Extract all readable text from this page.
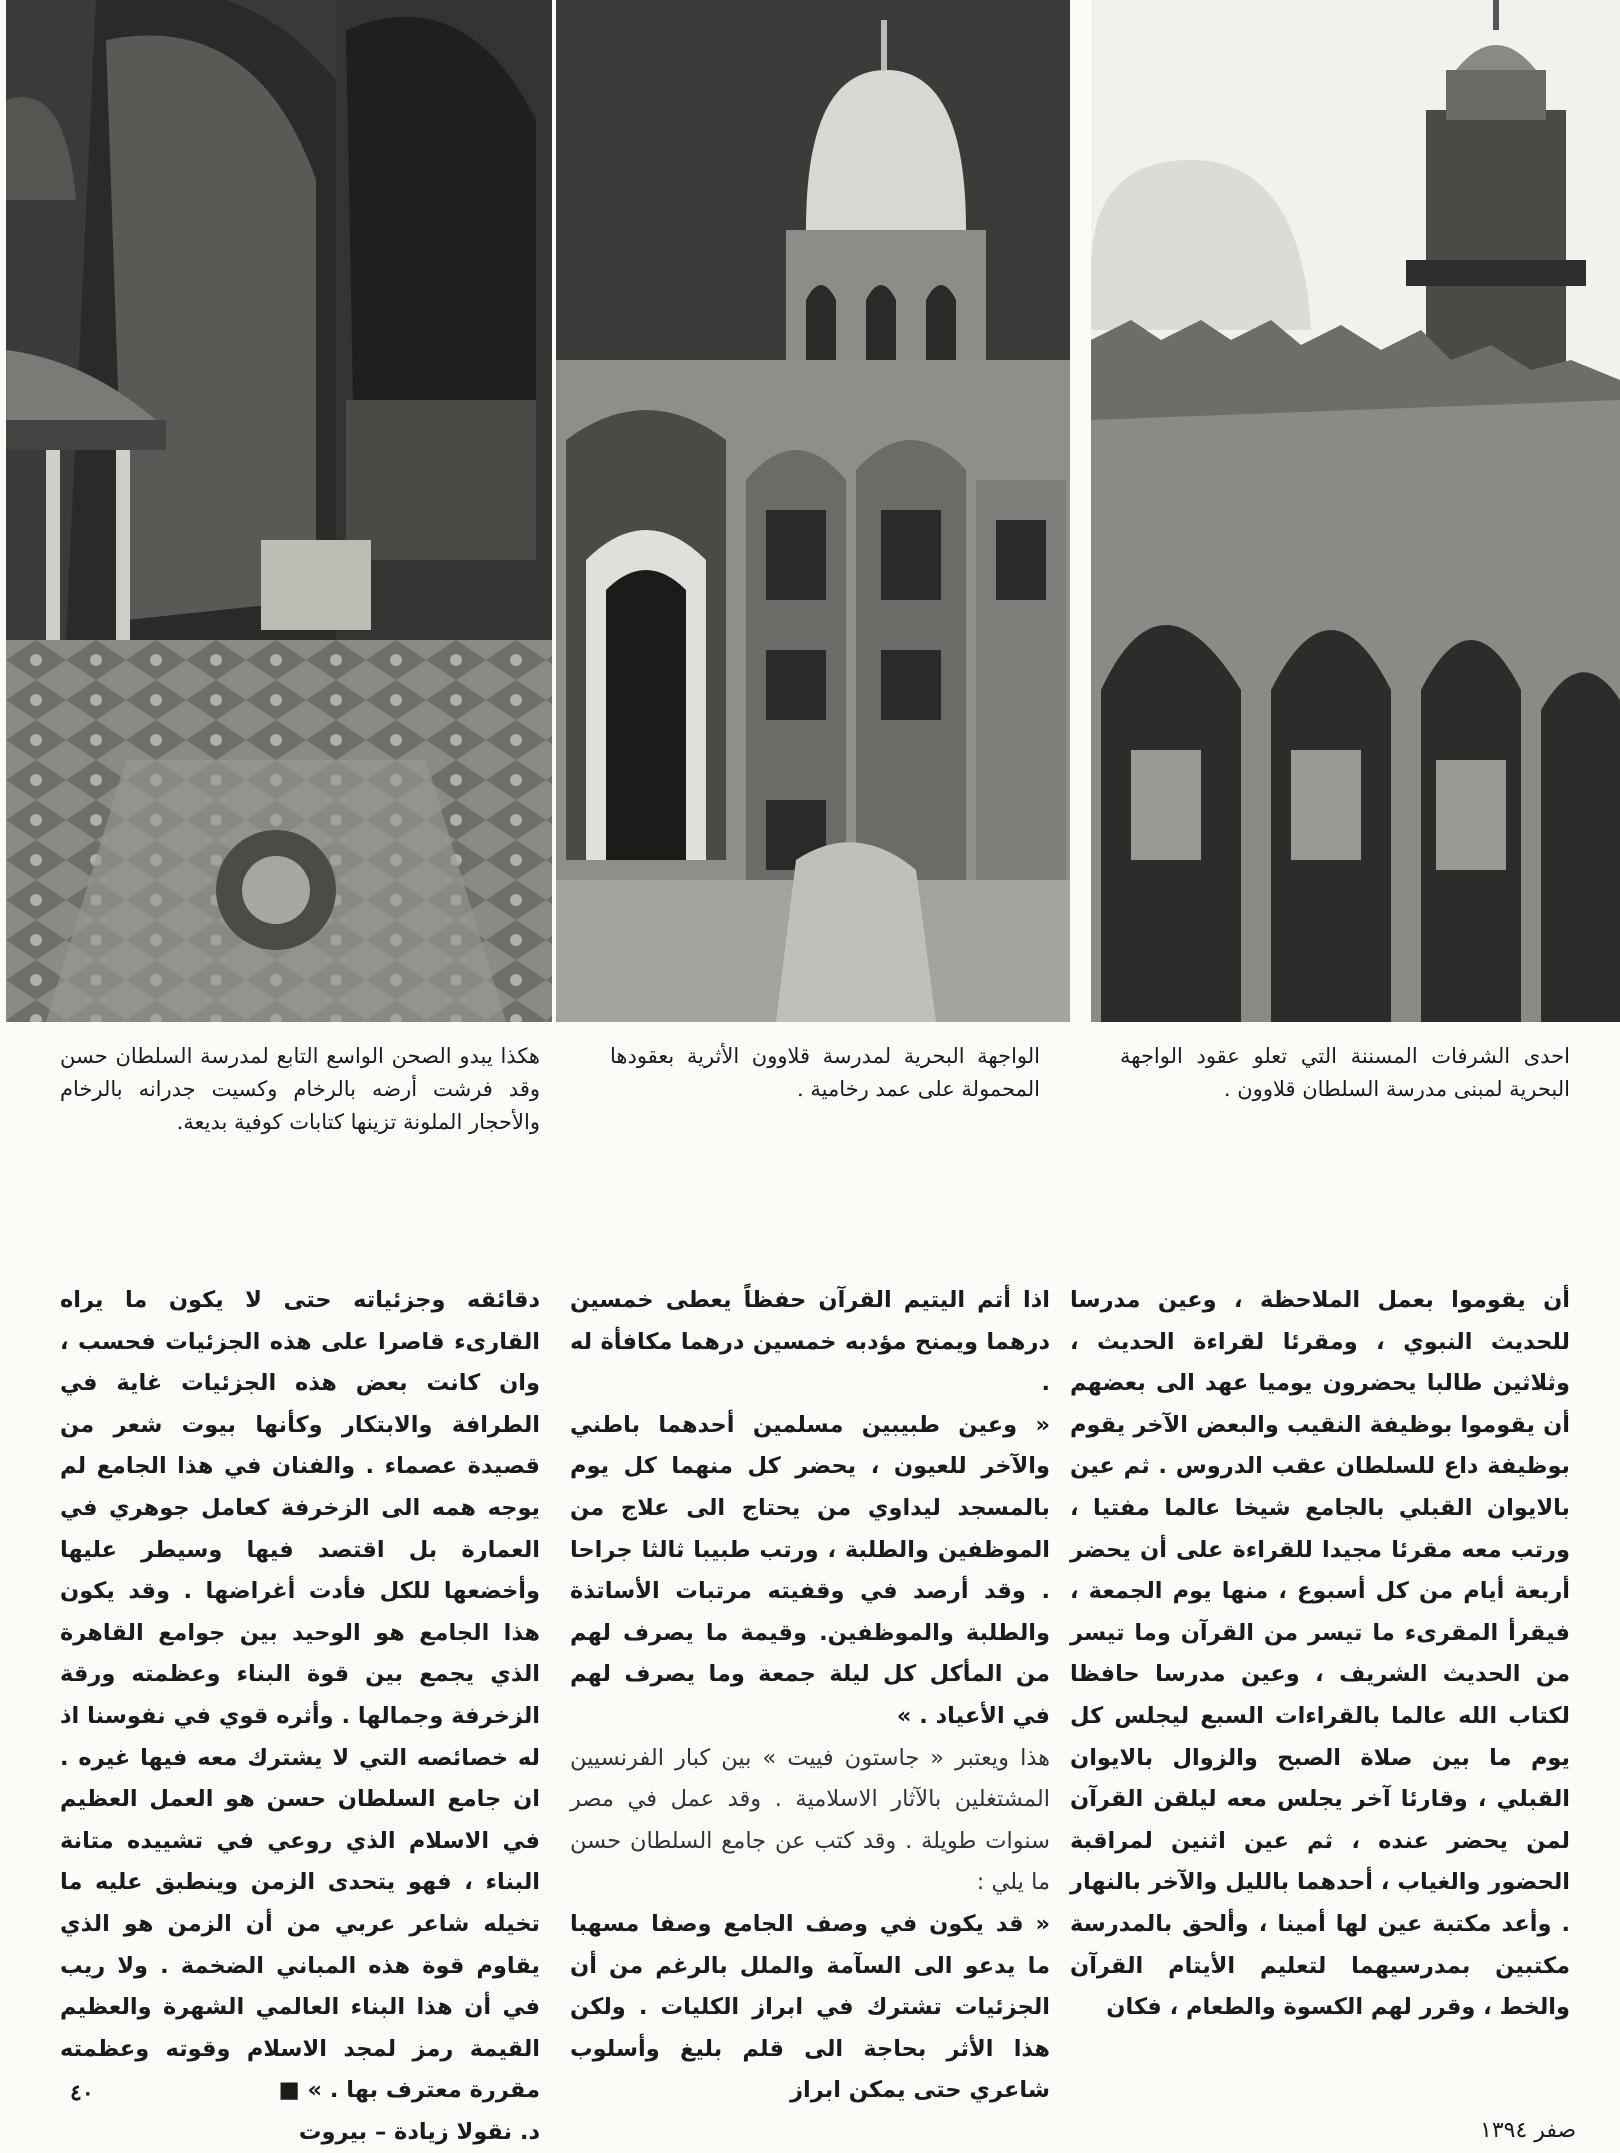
هكذا يبدو الصحن الواسع التابع لمدرسة السلطان حسن وقد فرشت أرضه بالرخام وكسيت جدرانه بالرخام والأحجار الملونة تزينها كتابات كوفية بديعة.
الواجهة البحرية لمدرسة قلاوون الأثرية بعقودها المحمولة على عمد رخامية .
احدى الشرفات المسننة التي تعلو عقود الواجهة البحرية لمبنى مدرسة السلطان قلاوون .

أن يقوموا بعمل الملاحظة ، وعين مدرسا للحديث النبوي ، ومقرئا لقراءة الحديث ، وثلاثين طالبا يحضرون يوميا عهد الى بعضهم أن يقوموا بوظيفة النقيب والبعض الآخر يقوم بوظيفة داع للسلطان عقب الدروس . ثم عين بالايوان القبلي بالجامع شيخا عالما مفتيا ، ورتب معه مقرئا مجيدا للقراءة على أن يحضر أربعة أيام من كل أسبوع ، منها يوم الجمعة ، فيقرأ المقرىء ما تيسر من القرآن وما تيسر من الحديث الشريف ، وعين مدرسا حافظا لكتاب الله عالما بالقراءات السبع ليجلس كل يوم ما بين صلاة الصبح والزوال بالايوان القبلي ، وقارئا آخر يجلس معه ليلقن القرآن لمن يحضر عنده ، ثم عين اثنين لمراقبة الحضور والغياب ، أحدهما بالليل والآخر بالنهار . وأعد مكتبة عين لها أمينا ، وألحق بالمدرسة مكتبين بمدرسيهما لتعليم الأيتام القرآن والخط ، وقرر لهم الكسوة والطعام ، فكان

اذا أتم اليتيم القرآن حفظاً يعطى خمسين درهما ويمنح مؤدبه خمسين درهما مكافأة له .

« وعين طبيبين مسلمين أحدهما باطني والآخر للعيون ، يحضر كل منهما كل يوم بالمسجد ليداوي من يحتاج الى علاج من الموظفين والطلبة ، ورتب طبيبا ثالثا جراحا . وقد أرصد في وقفيته مرتبات الأساتذة والطلبة والموظفين. وقيمة ما يصرف لهم من المأكل كل ليلة جمعة وما يصرف لهم في الأعياد . »

هذا ويعتبر « جاستون فييت » بين كبار الفرنسيين المشتغلين بالآثار الاسلامية . وقد عمل في مصر سنوات طويلة . وقد كتب عن جامع السلطان حسن ما يلي :

« قد يكون في وصف الجامع وصفا مسهبا ما يدعو الى السآمة والملل بالرغم من أن الجزئيات تشترك في ابراز الكليات . ولكن هذا الأثر بحاجة الى قلم بليغ وأسلوب شاعري حتى يمكن ابراز

دقائقه وجزئياته حتى لا يكون ما يراه القارىء قاصرا على هذه الجزئيات فحسب ، وان كانت بعض هذه الجزئيات غاية في الطرافة والابتكار وكأنها بيوت شعر من قصيدة عصماء . والفنان في هذا الجامع لم يوجه همه الى الزخرفة كعامل جوهري في العمارة بل اقتصد فيها وسيطر عليها وأخضعها للكل فأدت أغراضها . وقد يكون هذا الجامع هو الوحيد بين جوامع القاهرة الذي يجمع بين قوة البناء وعظمته ورقة الزخرفة وجمالها . وأثره قوي في نفوسنا اذ له خصائصه التي لا يشترك معه فيها غيره . ان جامع السلطان حسن هو العمل العظيم في الاسلام الذي روعي في تشييده متانة البناء ، فهو يتحدى الزمن وينطبق عليه ما تخيله شاعر عربي من أن الزمن هو الذي يقاوم قوة هذه المباني الضخمة . ولا ريب في أن هذا البناء العالمي الشهرة والعظيم القيمة رمز لمجد الاسلام وقوته وعظمته مقررة معترف بها . » ■

د. نقولا زيادة – بيروت

٤٠
صفر ١٣٩٤
